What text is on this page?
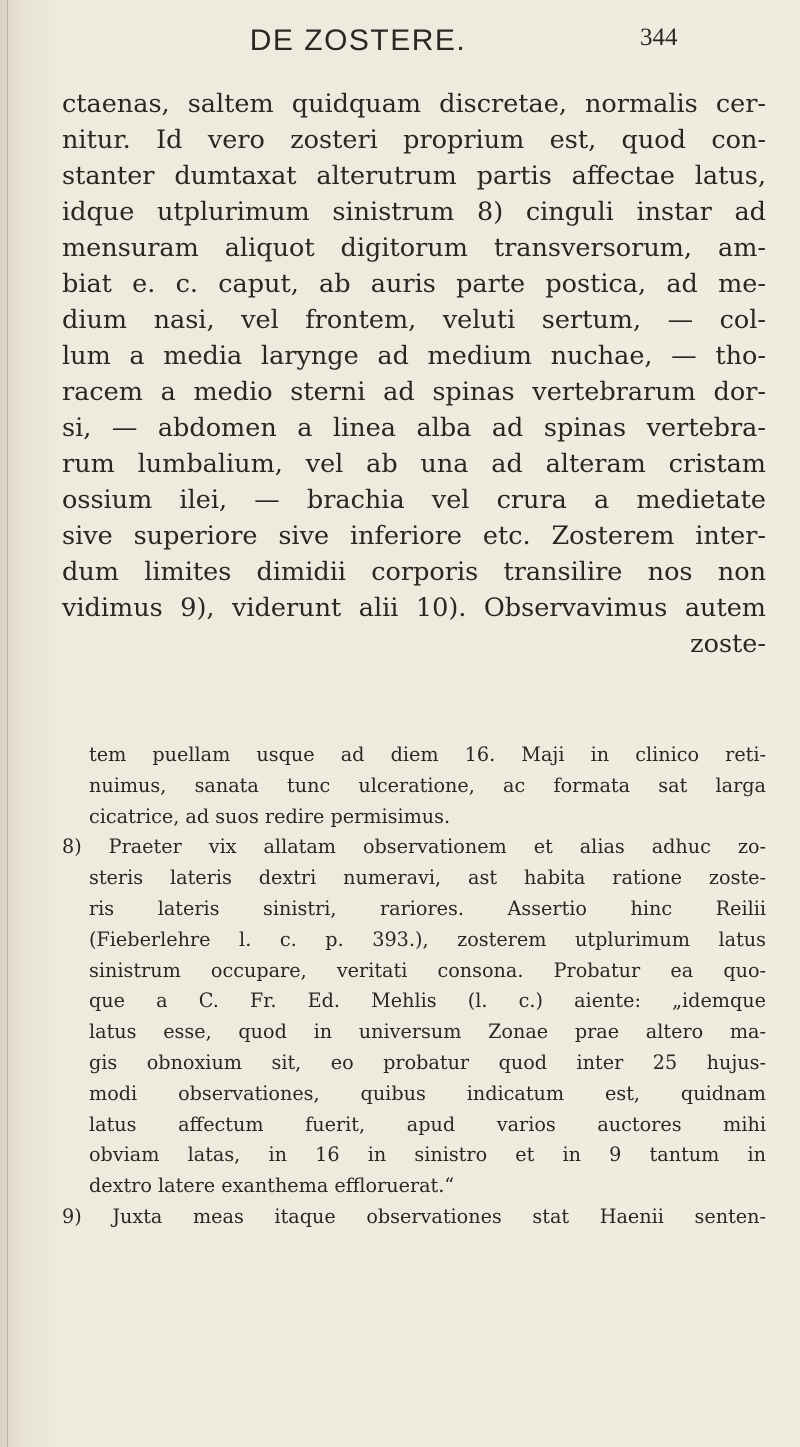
DE ZOSTERE.	344
ctaenas, saltem quidquam discretae, normalis cer-
nitur. Id vero zosteri proprium est, quod con-
stanter dumtaxat alterutrum partis affectae latus,
idque utplurimum sinistrum 8) cinguli instar ad
mensuram aliquot digitorum transversorum, am-
biat e. c. caput, ab auris parte postica, ad me-
dium nasi, vel frontem, veluti sertum, — col-
lum a media larynge ad medium nuchae, — tho-
racem a medio sterni ad spinas vertebrarum dor-
si, — abdomen a linea alba ad spinas vertebra-
rum lumbalium, vel ab una ad alteram cristam
ossium ilei, — brachia vel crura a medietate
sive superiore sive inferiore etc. Zosterem inter-
dum limites dimidii corporis transilire nos non
vidimus 9), viderunt alii 10). Observavimus autem
zoste-
tem puellam usque ad diem 16. Maji in clinico reti-
nuimus, sanata tunc ulceratione, ac formata sat larga
cicatrice, ad suos redire permisimus.
8) Praeter vix allatam observationem et alias adhuc zo-
steris lateris dextri numeravi, ast habita ratione zoste-
ris lateris sinistri, rariores. Assertio hinc Reilii
(Fieberlehre l. c. p. 393.), zosterem utplurimum latus
sinistrum occupare, veritati consona. Probatur ea quo-
que a C. Fr. Ed. Mehlis (l. c.) aiente: „idemque
latus esse, quod in universum Zonae prae altero ma-
gis obnoxium sit, eo probatur quod inter 25 hujus-
modi observationes, quibus indicatum est, quidnam
latus affectum fuerit, apud varios auctores mihi
obviam latas, in 16 in sinistro et in 9 tantum in
dextro latere exanthema effloruerat.“
9) Juxta meas itaque observationes stat Haenii senten-
